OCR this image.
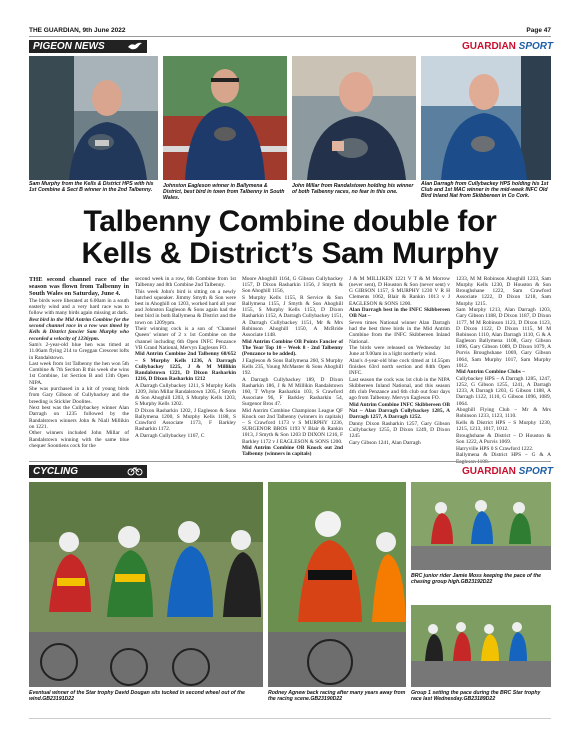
THE GUARDIAN, 9th June 2022	Page 47
PIGEON NEWS	GUARDIAN SPORT
Sam Murphy from the Kells & District HPS with his 1st Combine & Sect B winner in the 2nd Talbenny.
Johnston Eagleson winner in Ballymena & District, best bird in town from Talbenny in South Wales.
John Millar from Randalstown holding his winner of both Talbenny races, no fear in this one.
Alan Darragh from Cullybackey HPS holding his 1st Club and 1st MAC winner in the mid-week INFC Old Bird Inland Nat from Skibbereen in Co Cork.
Talbenny Combine double for
Kells & District’s Sam Murphy

THE second channel race of the season was flown from Talbenny in South Wales on Saturday, June 4.

The birds were liberated at 6.00am in a south easterly wind and a very hard race was to follow with many birds again missing at dark.

Best bird in the Mid Antrim Combine for the second channel race in a row was timed by Kells & District fancier Sam Murphy who recorded a velocity of 1236ypm.

Sam's 2-year-old blue hen was timed at 11.06am flying 214 to Greggan Crescent lofts in Randalstown.

Last week from 1st Talbenny the hen won 5th Combine & 7th Section B this week she wins 1st Combine, 1st Section B and 13th Open NIPA.

She was purchased in a kit of young birds from Gary Gibson of Cullybackey and the breeding is Stickler Doolites.

Next best was the Cullybackey winner Alan Darragh on 1235 followed by the Randalstown winners John & Niall Millikin on 1221.

Other winners included John Millar of Randalstown winning with the same blue chequer Soontiens cock for the

second week in a row, 6th Combine from 1st Talbenny and 8th Combine 2nd Talbenny.

This week John's bird is sitting on a newly hatched squeaker. Jimmy Smyth & Son were best in Ahoghill on 1203, worked hard all year and Johnston Eagleson & Sons again had the best bird in both Ballymena & District and the town on 1209ypm.

Their winning cock is a son of ‘Channel Queen’ winner of 2 x 1st Combine on the channel including 6th Open INFC Penzance VB Grand National, Mervyn Eagleson FO.

Mid Antrim Combine 2nd Talbenny 68/652 – S Murphy Kells 1236, A Darragh Cullybackey 1225, J & M Millikin Randalstown 1221, D Dixon Rasharkin 1216, D Dixon Rasharkin 1212

A Darragh Cullybackey 1211, S Murphy Kells 1209, John Millar Randalstown 1205, J Smyth & Son Ahoghill 1203, S Murphy Kells 1203, S Murphy Kells 1202.

D Dixon Rasharkin 1202, J Eagleson & Sons Ballymena 1200, S Murphy Kells 1188, S Crawford Associate 1173, F Barkley Rasharkin 1172.

A Darragh Cullybackey 1167, C

Moore Ahoghill 1164, G Gibson Cullybackey 1157, D Dixon Rasharkin 1156, J Smyth & Son Ahoghill 1156,

S Murphy Kells 1155, R Service & Son Ballymena 1155, J Smyth & Son Ahoghill 1155, S Murphy Kells 1153, D Dixon Rasharkin 1152, A Darragh Cullybackey 1151, A Darragh Cullybackey 1151, Mr & Mrs Robinson Ahoghill 1150, A McBride Associate 1148.

Mid Antrim Combine OB Points Fancier of The Year Top 10 – Week 8 - 2nd Talbenny (Penzance to be added).

J Eagleson & Sons Ballymena 260, S Murphy Kells 235, Young McMaster & Sons Ahoghill 192.

A Darragh Cullybackey 189, D Dixon Rasharkin 186, J & M Millikin Randalstown 160, T Whyte Rasharkin 103, S Crawford Associate 96, F Barkley Rasharkin 54, Surgenor Bros 47.

Mid Antrim Combine Champions League QF Knock out 2nd Talbenny (winners in capitals) – S Crawford 1173 v S MURPHY 1236, SURGENOR BROS 1193 V Blair & Rankin 1013, J Smyth & Son 1203 D DIXON 1216, F Barkley 1172 v J EAGLESON & SONS 1200.

Mid Antrim Combine OB Knock out 2nd Talbenny (winners in capitals)

J & M MILLIKEN 1221 V T & M Morrow (never sent), D Houston & Son (never sent) v G GIBSON 1157, S MURPHY 1230 V R H Clements 1062, Blair & Rankin 1013 v J EAGLESON & SONS 1200.

Alan Darragh best in the INFC Skibbereen OB Nat –

Seven times National winner Alan Darragh had the best three birds in the Mid Antrim Combine from the INFC Skibbereen Inland National.

The birds were released on Wednesday 1st June at 9.00am in a light northerly wind.

Alan's 4-year-old blue cock timed at 14.55pm finishes 63rd north section and 84th Open INFC.

Last season the cock was 1st club in the NIPA Skibbereen Inland National, and this season 4th club Penzance and 6th club out four days ago from Talbenny. Mervyn Eagleson FO.

Mid Antrim Combine INFC Skibbereen OB Nat – Alan Darragh Cullybackey 1285, A Darragh 1257, A Darragh 1252.

Danny Dixon Rasharkin 1257, Gary Gibson Cullybackey 1255, D Dixon 1249, D Dixon 1245

Gary Gibson 1241, Alan Darragh

1233, M M Robinson Ahoghill 1233, Sam Murphy Kells 1230, D Houston & Son Broughshane 1222, Sam Crawford Associate 1222, D Dixon 1218, Sam Murphy 1215.

Sam Murphy 1213, Alan Darragh 1203, Gary Gibson 1188, D Dixon 1187, D Dixon 1177, M M Robinson 1123, D Dixon 1123, D Dixon 1122, D Dixon 1115, M M Robinson 1110, Alan Darragh 1110, G & A Eagleson Ballymena 1108, Gary Gibson 1096, Gary Gibson 1089, D Dixon 1079, A Purvis Broughshane 1069, Gary Gibson 1064, Sam Murphy 1017, Sam Murphy 1012.

Mid Antrim Combine Clubs –

Cullybackey HPS – A Darragh 1285, 1247, 1252, G Gibson 1255, 1241, A Darragh 1233, A Darragh 1203, G Gibson 1188, A Darragh 1122, 1110, G Gibson 1096, 1089, 1064.

Ahoghill Flying Club – Mr & Mrs Robinson 1233, 1123, 1110.

Kells & District HPS – S Murphy 1230, 1215, 1213, 1017, 1012.

Broughshane & District – D Houston & Son 1222, A Purvis 1069.

Harryville HPS 0 S Crawford 1222.

Ballymena & District HPS – G & A

CYCLING	GUARDIAN SPORT
Eventual winner of the Star trophy David Dougan sits tucked in second wheel out of the wind.GB23191D22
Rodney Agnew back racing after many years away from the racing scene.GB23190D22
BRC junior rider Jamie Moss keeping the pace of the chasing group high.GB23192D22
Group 1 setting the pace during the BRC Star trophy race last Wednesday.GB23189D22
